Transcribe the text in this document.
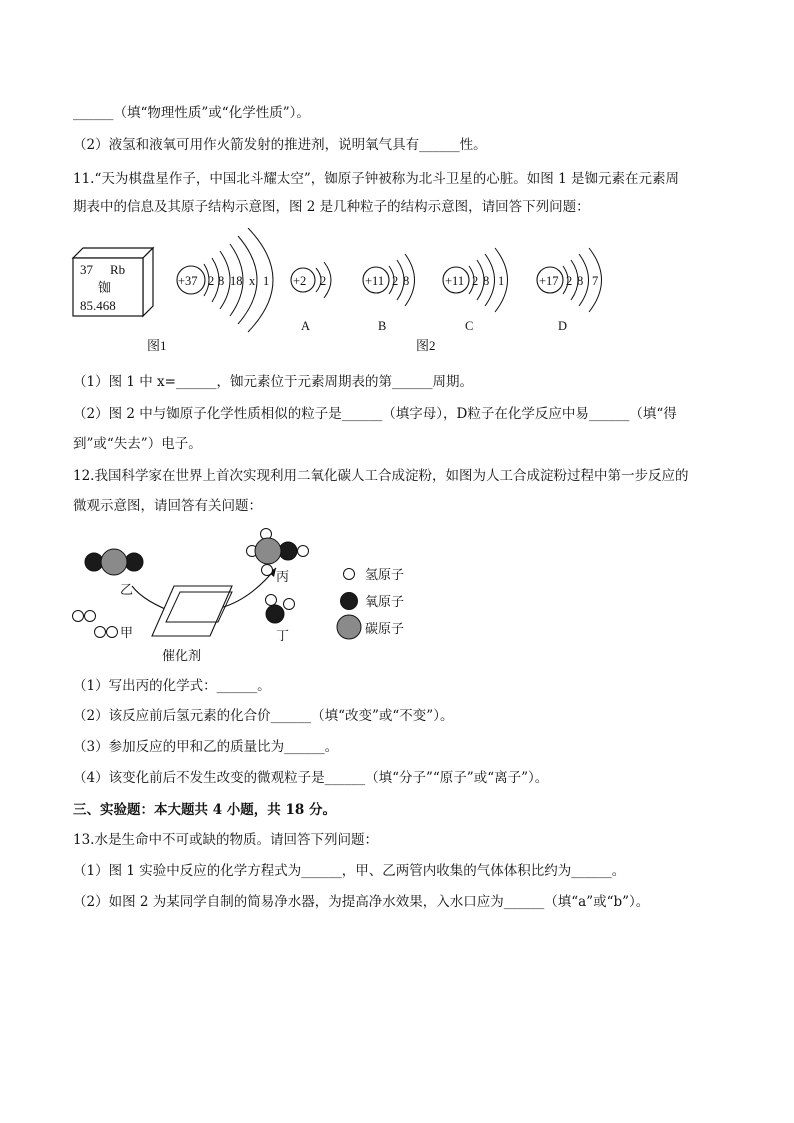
______（填“物理性质”或“化学性质”）。
（2）液氢和液氧可用作火箭发射的推进剂，说明氧气具有______性。
11.“天为棋盘星作子，中国北斗耀太空”，铷原子钟被称为北斗卫星的心脏。如图 1 是铷元素在元素周
期表中的信息及其原子结构示意图，图 2 是几种粒子的结构示意图，请回答下列问题：
37 Rb
铷
85.468
+37 2 8 18 x 1 +2 2
A
+11 2 8
B
+11 2 8 1
C
+17 2 8 7
D
图1	图2
（1）图 1 中 x=______，铷元素位于元素周期表的第______周期。
（2）图 2 中与铷原子化学性质相似的粒子是______（填字母），D粒子在化学反应中易______（填“得
到”或“失去”）电子。
12.我国科学家在世界上首次实现利用二氧化碳人工合成淀粉，如图为人工合成淀粉过程中第一步反应的
微观示意图，请回答有关问题：
乙
甲
催化剂
丙
丁
氢原子
氧原子
碳原子
（1）写出丙的化学式：______。
（2）该反应前后氢元素的化合价______（填“改变”或“不变”）。
（3）参加反应的甲和乙的质量比为______。
（4）该变化前后不发生改变的微观粒子是______（填“分子”“原子”或“离子”）。
三、实验题：本大题共 4 小题，共 18 分。
13.水是生命中不可或缺的物质。请回答下列问题：
（1）图 1 实验中反应的化学方程式为______，甲、乙两管内收集的气体体积比约为______。
（2）如图 2 为某同学自制的简易净水器，为提高净水效果，入水口应为______（填“a”或“b”）。
